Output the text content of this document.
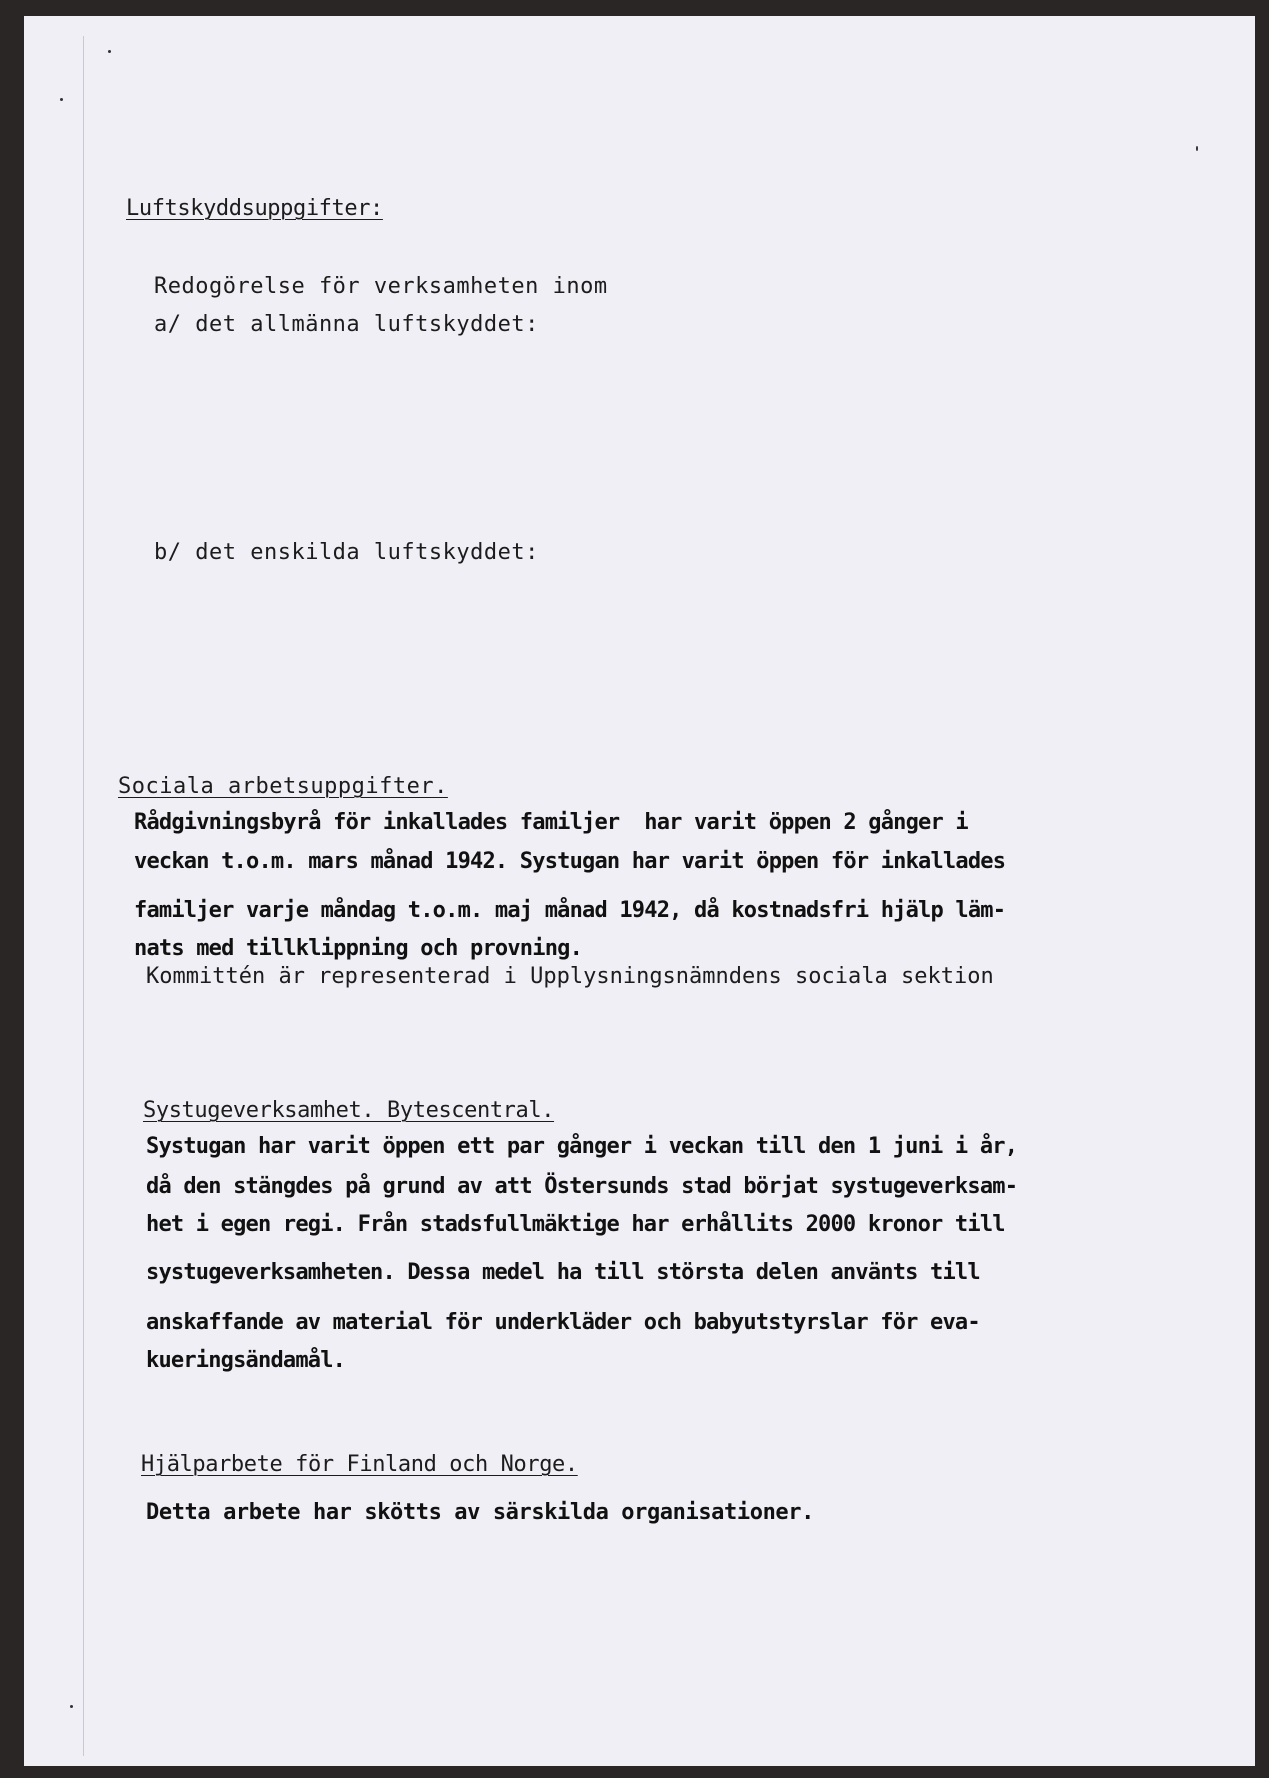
Luftskyddsuppgifter:
Redogörelse för verksamheten inom
a/ det allmänna luftskyddet:
b/ det enskilda luftskyddet:
Sociala arbetsuppgifter.
Rådgivningsbyrå för inkallades familjer  har varit öppen 2 gånger i
veckan t.o.m. mars månad 1942. Systugan har varit öppen för inkallades
familjer varje måndag t.o.m. maj månad 1942, då kostnadsfri hjälp läm-
nats med tillklippning och provning.
Kommittén är representerad i Upplysningsnämndens sociala sektion
Systugeverksamhet. Bytescentral.
Systugan har varit öppen ett par gånger i veckan till den 1 juni i år,
då den stängdes på grund av att Östersunds stad börjat systugeverksam-
het i egen regi. Från stadsfullmäktige har erhållits 2000 kronor till
systugeverksamheten. Dessa medel ha till största delen använts till
anskaffande av material för underkläder och babyutstyrslar för eva-
kueringsändamål.
Hjälparbete för Finland och Norge.
Detta arbete har skötts av särskilda organisationer.
